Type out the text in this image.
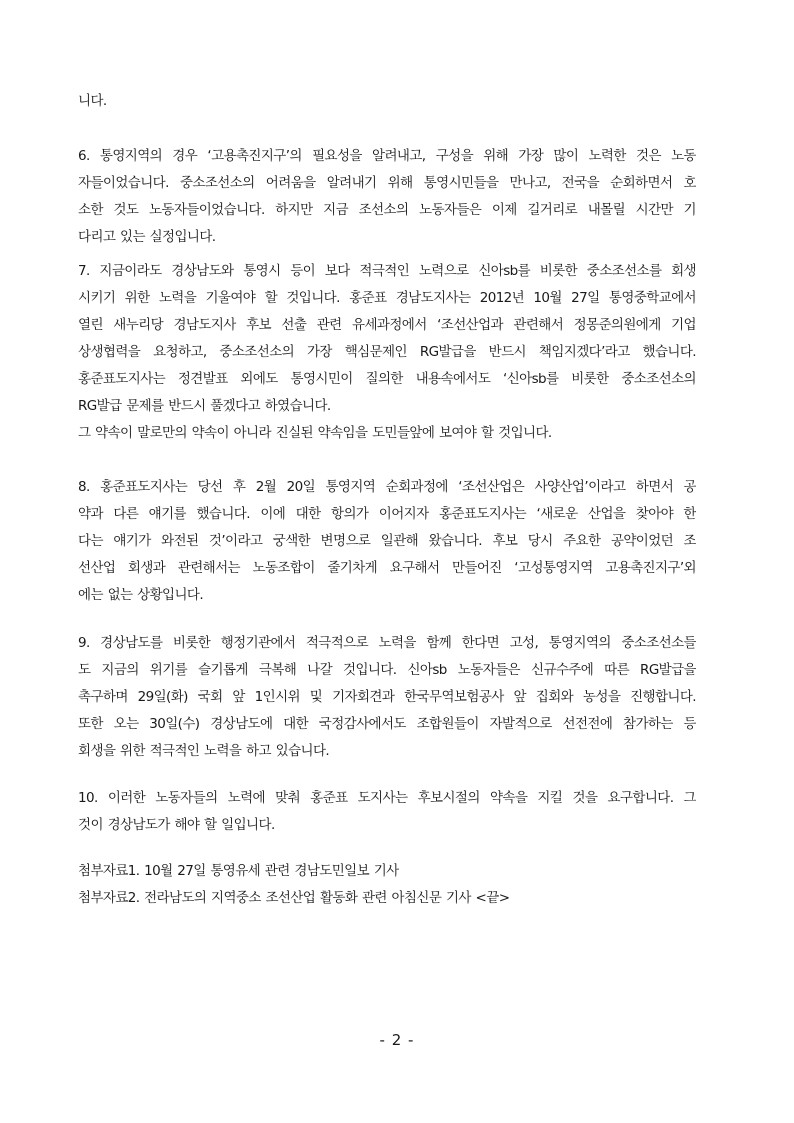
니다.
6. 통영지역의 경우 ‘고용촉진지구’의 필요성을 알려내고, 구성을 위해 가장 많이 노력한 것은 노동
자들이었습니다. 중소조선소의 어려움을 알려내기 위해 통영시민들을 만나고, 전국을 순회하면서 호
소한 것도 노동자들이었습니다. 하지만 지금 조선소의 노동자들은 이제 길거리로 내몰릴 시간만 기
다리고 있는 실정입니다.
7. 지금이라도 경상남도와 통영시 등이 보다 적극적인 노력으로 신아sb를 비롯한 중소조선소를 회생
시키기 위한 노력을 기울여야 할 것입니다. 홍준표 경남도지사는 2012년 10월 27일 통영중학교에서
열린 새누리당 경남도지사 후보 선출 관련 유세과정에서 ‘조선산업과 관련해서 정몽준의원에게 기업
상생협력을 요청하고, 중소조선소의 가장 핵심문제인 RG발급을 반드시 책임지겠다’라고 했습니다.
홍준표도지사는 정견발표 외에도 통영시민이 질의한 내용속에서도 ‘신아sb를 비롯한 중소조선소의
RG발급 문제를 반드시 풀겠다고 하였습니다.
그 약속이 말로만의 약속이 아니라 진실된 약속임을 도민들앞에 보여야 할 것입니다.
8. 홍준표도지사는 당선 후 2월 20일 통영지역 순회과정에 ‘조선산업은 사양산업’이라고 하면서 공
약과 다른 얘기를 했습니다. 이에 대한 항의가 이어지자 홍준표도지사는 ‘새로운 산업을 찾아야 한
다는 얘기가 와전된 것’이라고 궁색한 변명으로 일관해 왔습니다. 후보 당시 주요한 공약이었던 조
선산업 회생과 관련해서는 노동조합이 줄기차게 요구해서 만들어진 ‘고성통영지역 고용촉진지구’외
에는 없는 상황입니다.
9. 경상남도를 비롯한 행정기관에서 적극적으로 노력을 함께 한다면 고성, 통영지역의 중소조선소들
도 지금의 위기를 슬기롭게 극복해 나갈 것입니다. 신아sb 노동자들은 신규수주에 따른 RG발급을
촉구하며 29일(화) 국회 앞 1인시위 및 기자회견과 한국무역보험공사 앞 집회와 농성을 진행합니다.
또한 오는 30일(수) 경상남도에 대한 국정감사에서도 조합원들이 자발적으로 선전전에 참가하는 등
회생을 위한 적극적인 노력을 하고 있습니다.
10. 이러한 노동자들의 노력에 맞춰 홍준표 도지사는 후보시절의 약속을 지킬 것을 요구합니다. 그
것이 경상남도가 해야 할 일입니다.
첨부자료1. 10월 27일 통영유세 관련 경남도민일보 기사
첨부자료2. 전라남도의 지역중소 조선산업 활동화 관련 아침신문 기사 <끝>
- 2 -
